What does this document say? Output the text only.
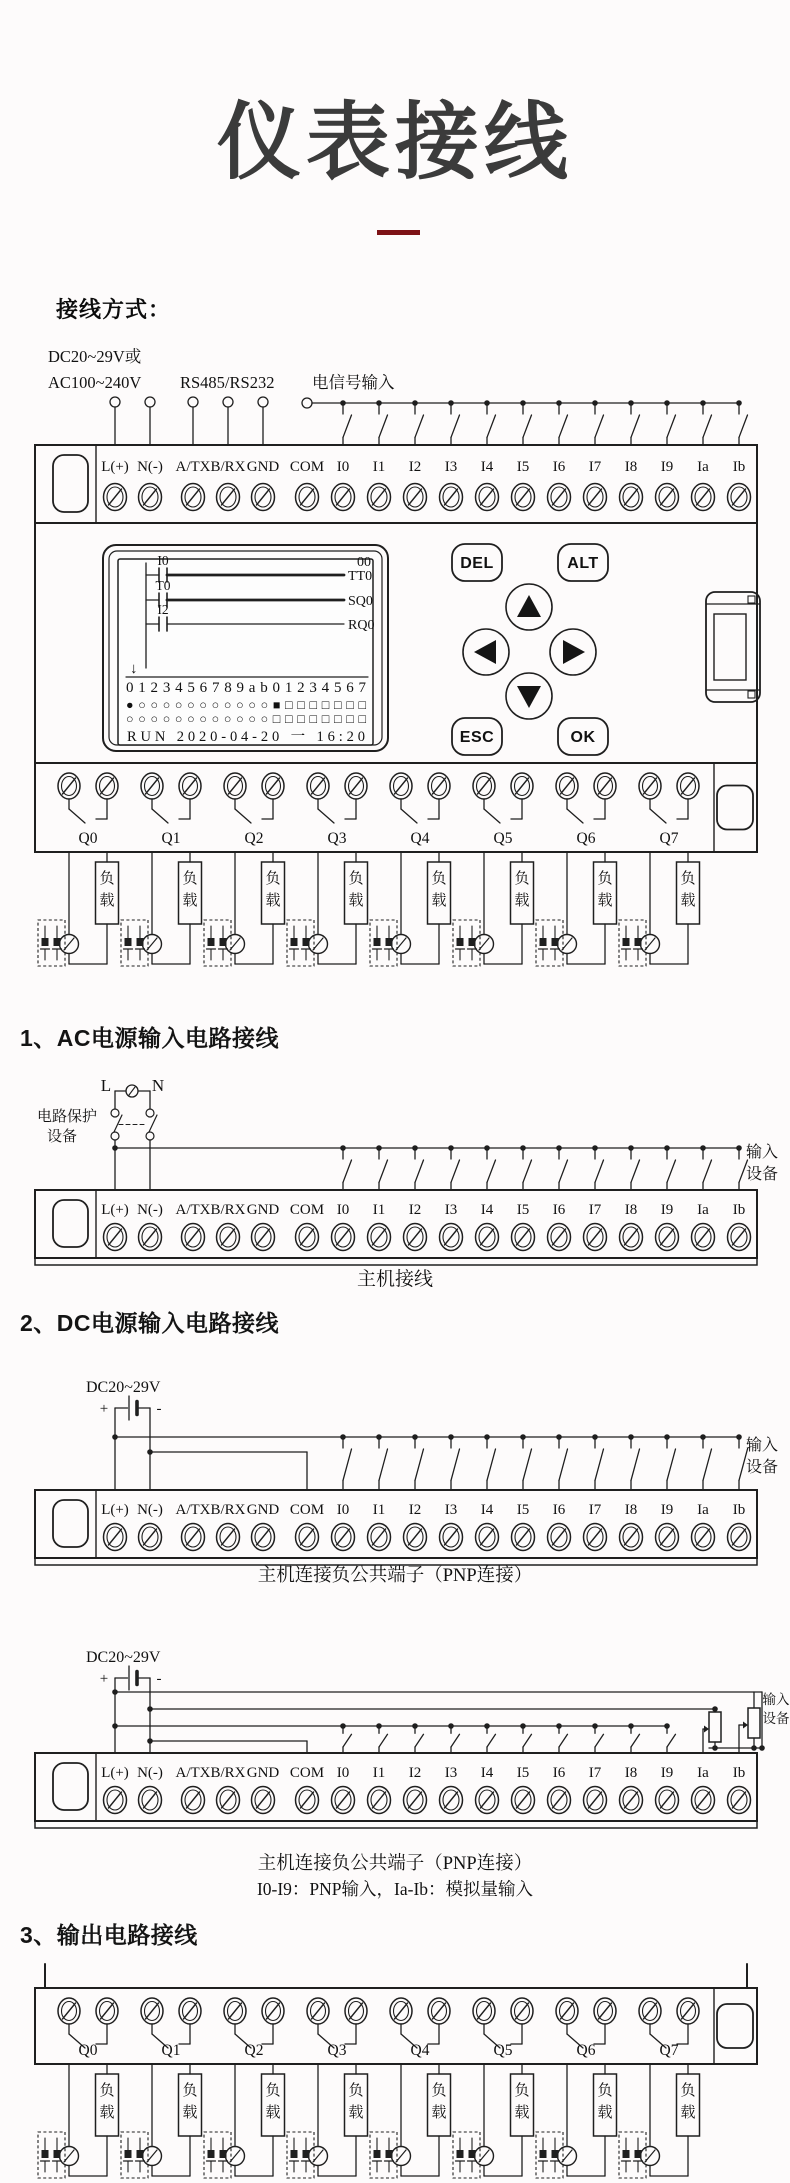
仪表接线
接线方式：
1、AC电源输入电路接线
2、DC电源输入电路接线
3、输出电路接线
主机接线
主机连接负公共端子（PNP连接）
主机连接负公共端子（PNP连接）
I0-I9：PNP输入，Ia-Ib：模拟量输入
I0
TT0
00
T0
SQ0
I2
RQ0
↓
0123456789ab01234567
●○○○○○○○○○○○■□□□□□□□
○○○○○○○○○○○○□□□□□□□□
RUN 2020-04-20 一 16:20
DEL	ALT
ESC	OK
L(+) N(-) A/TX B/RX GND COM I0 I1 I2 I3 I4 I5 I6 I7 I8 I9 Ia Ib
DC20~29V或
AC100~240V RS485/RS232 电信号输入
Q0	Q1	Q2	Q3	Q4	Q5	Q6	Q7
负
载
负
载
负
载
负
载
负
载
负
载
负
载
负
载
L N
电路保护
设备
输入
设备
L(+) N(-) A/TX B/RX GND COM I0 I1 I2 I3 I4 I5 I6 I7 I8 I9 Ia Ib
DC20~29V
+	-
输入
设备
L(+) N(-) A/TX B/RX GND COM I0 I1 I2 I3 I4 I5 I6 I7 I8 I9 Ia Ib
DC20~29V
+	-
输入
设备
L(+) N(-) A/TX B/RX GND COM I0 I1 I2 I3 I4 I5 I6 I7 I8 I9 Ia Ib
Q0	Q1	Q2	Q3	Q4	Q5	Q6	Q7
负
载
负
载
负
载
负
载
负
载
负
载
负
载
负
载
